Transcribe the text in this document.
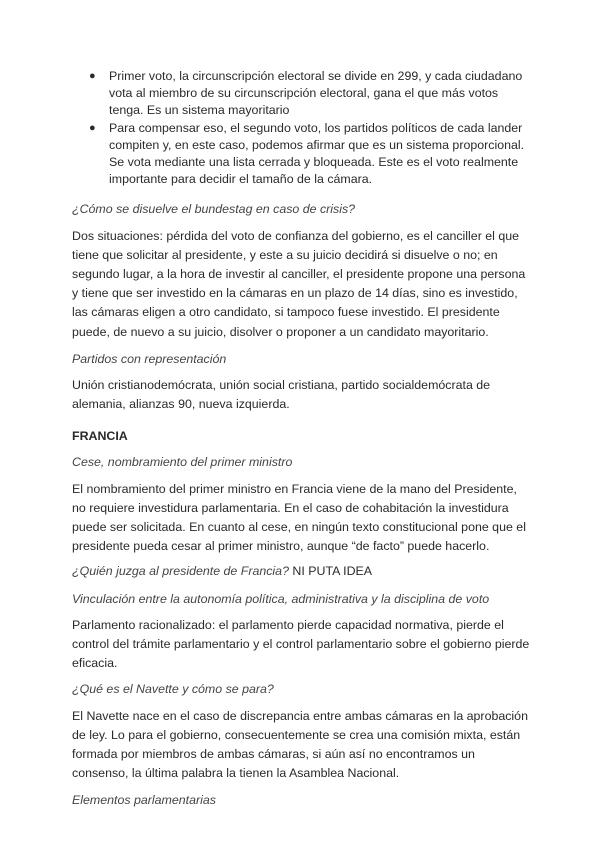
● Primer voto, la circunscripción electoral se divide en 299, y cada ciudadano vota al miembro de su circunscripción electoral, gana el que más votos tenga. Es un sistema mayoritario
● Para compensar eso, el segundo voto, los partidos políticos de cada lander compiten y, en este caso, podemos afirmar que es un sistema proporcional. Se vota mediante una lista cerrada y bloqueada. Este es el voto realmente importante para decidir el tamaño de la cámara.

¿Cómo se disuelve el bundestag en caso de crisis?

Dos situaciones: pérdida del voto de confianza del gobierno, es el canciller el que tiene que solicitar al presidente, y este a su juicio decidirá si disuelve o no; en segundo lugar, a la hora de investir al canciller, el presidente propone una persona y tiene que ser investido en la cámaras en un plazo de 14 días, sino es investido, las cámaras eligen a otro candidato, si tampoco fuese investido. El presidente puede, de nuevo a su juicio, disolver o proponer a un candidato mayoritario.

Partidos con representación

Unión cristianodemócrata, unión social cristiana, partido socialdemócrata de alemania, alianzas 90, nueva izquierda.

FRANCIA

Cese, nombramiento del primer ministro

El nombramiento del primer ministro en Francia viene de la mano del Presidente, no requiere investidura parlamentaria. En el caso de cohabitación la investidura puede ser solicitada. En cuanto al cese, en ningún texto constitucional pone que el presidente pueda cesar al primer ministro, aunque “de facto” puede hacerlo.

¿Quién juzga al presidente de Francia? NI PUTA IDEA

Vinculación entre la autonomía política, administrativa y la disciplina de voto

Parlamento racionalizado: el parlamento pierde capacidad normativa, pierde el control del trámite parlamentario y el control parlamentario sobre el gobierno pierde eficacia.

¿Qué es el Navette y cómo se para?

El Navette nace en el caso de discrepancia entre ambas cámaras en la aprobación de ley. Lo para el gobierno, consecuentemente se crea una comisión mixta, están formada por miembros de ambas cámaras, si aún así no encontramos un consenso, la última palabra la tienen la Asamblea Nacional.

Elementos parlamentarias
